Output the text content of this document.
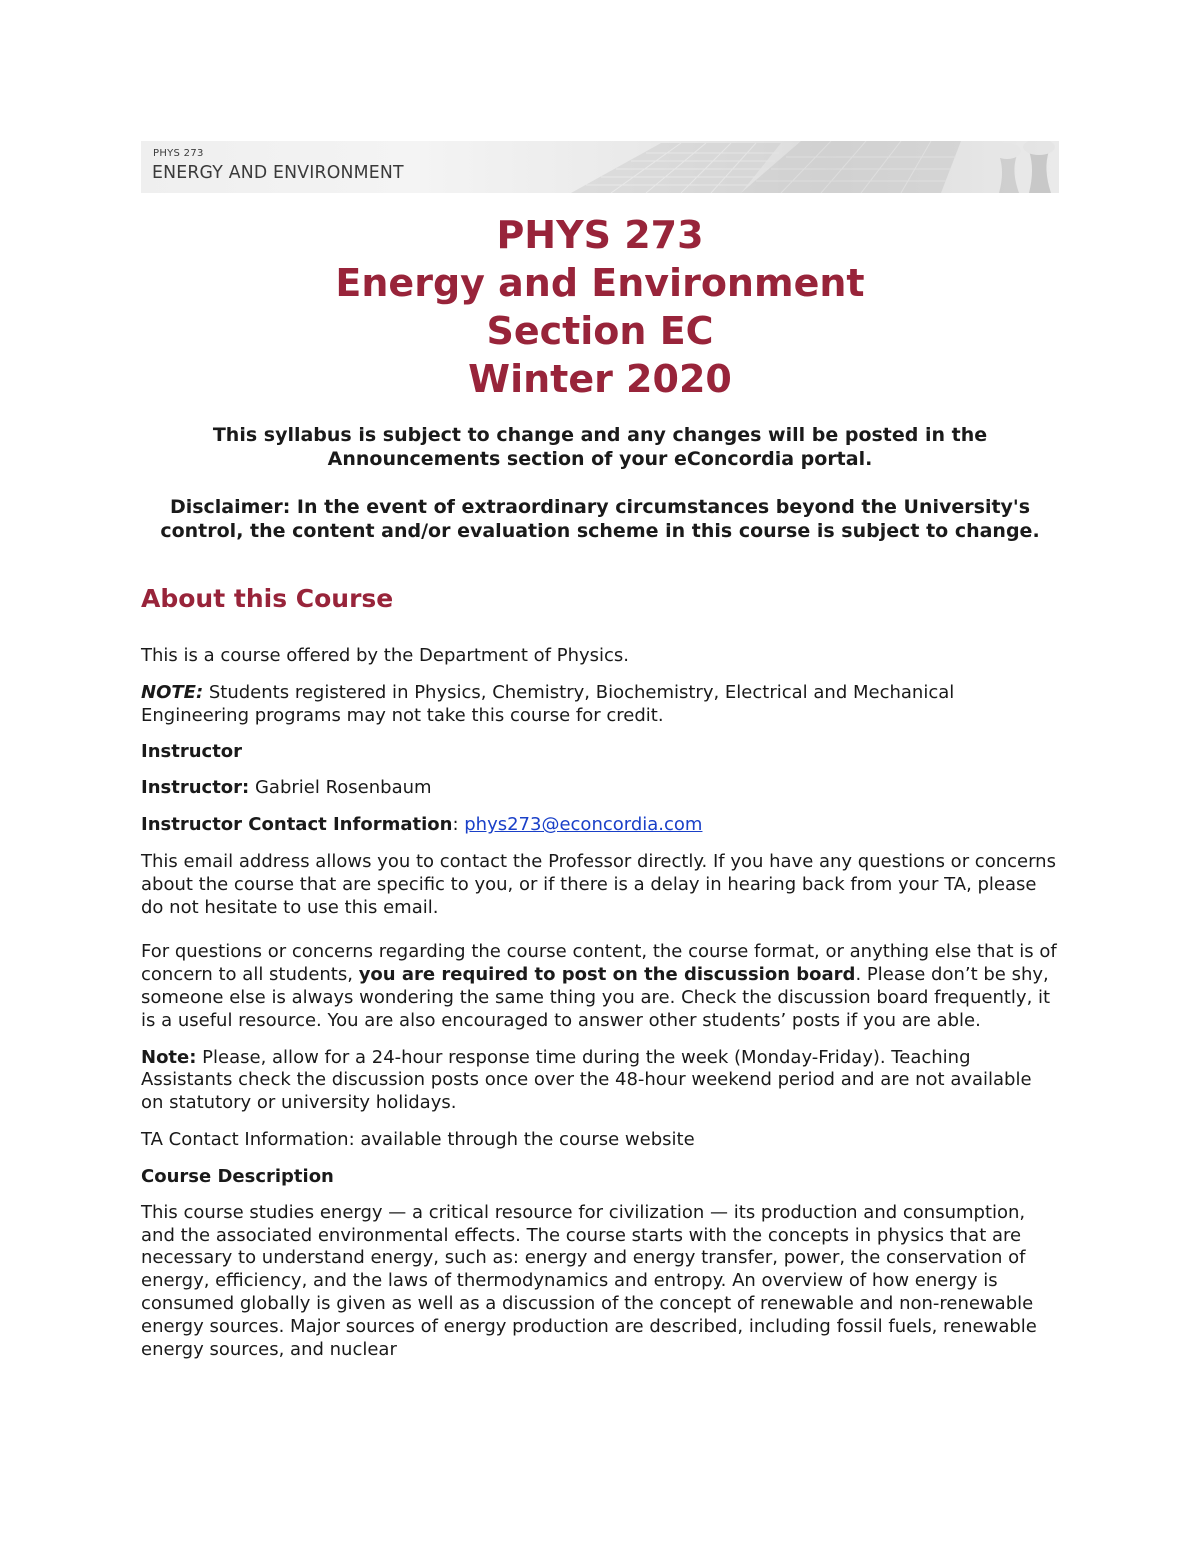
PHYS 273
ENERGY AND ENVIRONMENT
PHYS 273
Energy and Environment
Section EC
Winter 2020
This syllabus is subject to change and any changes will be posted in the Announcements section of your eConcordia portal.
Disclaimer: In the event of extraordinary circumstances beyond the University's control, the content and/or evaluation scheme in this course is subject to change.
About this Course

This is a course offered by the Department of Physics.

NOTE: Students registered in Physics, Chemistry, Biochemistry, Electrical and Mechanical Engineering programs may not take this course for credit.

Instructor

Instructor: Gabriel Rosenbaum

Instructor Contact Information: phys273@econcordia.com

This email address allows you to contact the Professor directly. If you have any questions or concerns about the course that are specific to you, or if there is a delay in hearing back from your TA, please do not hesitate to use this email.

For questions or concerns regarding the course content, the course format, or anything else that is of concern to all students, you are required to post on the discussion board. Please don’t be shy, someone else is always wondering the same thing you are. Check the discussion board frequently, it is a useful resource. You are also encouraged to answer other students’ posts if you are able.

Note: Please, allow for a 24-hour response time during the week (Monday-Friday). Teaching Assistants check the discussion posts once over the 48-hour weekend period and are not available on statutory or university holidays.

TA Contact Information: available through the course website

Course Description

This course studies energy — a critical resource for civilization — its production and consumption, and the associated environmental effects. The course starts with the concepts in physics that are necessary to understand energy, such as: energy and energy transfer, power, the conservation of energy, efficiency, and the laws of thermodynamics and entropy. An overview of how energy is consumed globally is given as well as a discussion of the concept of renewable and non-renewable energy sources. Major sources of energy production are described, including fossil fuels, renewable energy sources, and nuclear
